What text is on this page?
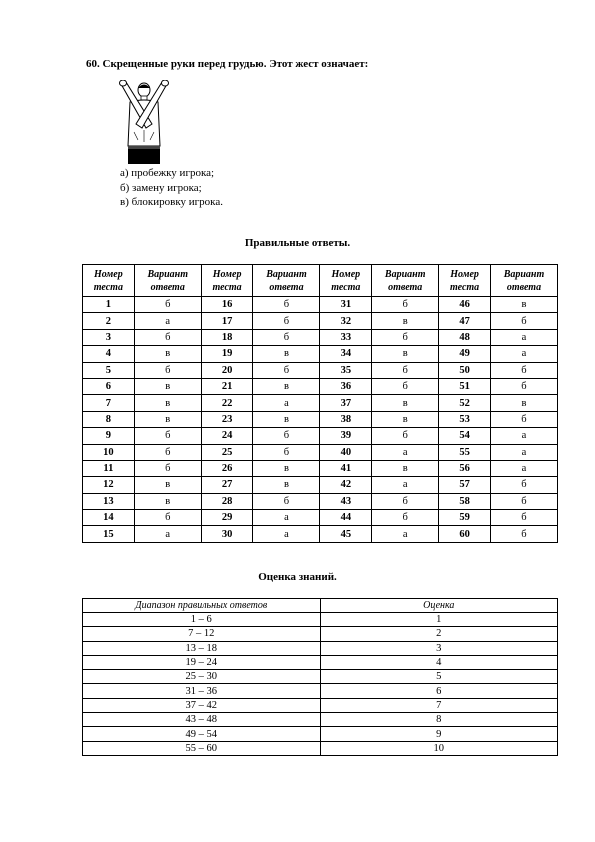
60. Скрещенные руки перед грудью. Этот жест означает:
а) пробежку игрока;
б) замену игрока;
в) блокировку игрока.
Правильные ответы.
Номер теста	Вариант ответа	Номер теста	Вариант ответа	Номер теста	Вариант ответа	Номер теста	Вариант ответа
1	б	16	б	31	б	46	в
2	а	17	б	32	в	47	б
3	б	18	б	33	б	48	а
4	в	19	в	34	в	49	а
5	б	20	б	35	б	50	б
6	в	21	в	36	б	51	б
7	в	22	а	37	в	52	в
8	в	23	в	38	в	53	б
9	б	24	б	39	б	54	а
10	б	25	б	40	а	55	а
11	б	26	в	41	в	56	а
12	в	27	в	42	а	57	б
13	в	28	б	43	б	58	б
14	б	29	а	44	б	59	б
15	а	30	а	45	а	60	б
Оценка знаний.
Диапазон правильных ответов	Оценка
1 – 6	1
7 – 12	2
13 – 18	3
19 – 24	4
25 – 30	5
31 – 36	6
37 – 42	7
43 – 48	8
49 – 54	9
55 – 60	10
